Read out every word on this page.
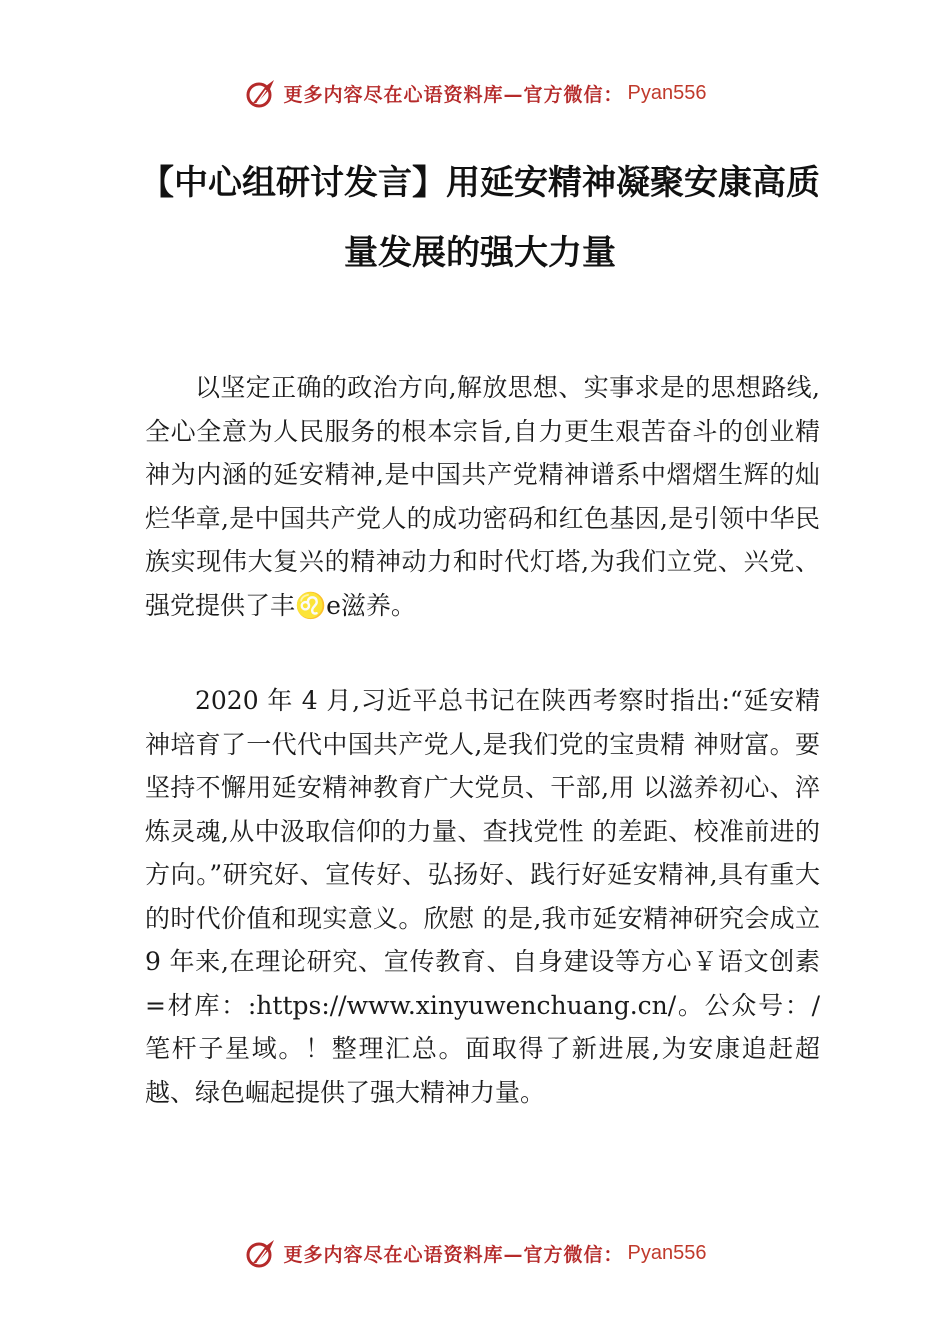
更多内容尽在心语资料库—官方微信： Pyan556
【中心组研讨发言】用延安精神凝聚安康高质量发展的强大力量

以坚定正确的政治方向,解放思想、实事求是的思想路线,全心全意为人民服务的根本宗旨,自力更生艰苦奋斗的创业精神为内涵的延安精神,是中国共产党精神谱系中熠熠生辉的灿烂华章,是中国共产党人的成功密码和红色基因,是引领中华民族实现伟大复兴的精神动力和时代灯塔,为我们立党、兴党、强党提供了丰♌e滋养。

2020 年 4 月,习近平总书记在陕西考察时指出:“延安精神培育了一代代中国共产党人,是我们党的宝贵精 神财富。要坚持不懈用延安精神教育广大党员、干部,用 以滋养初心、淬炼灵魂,从中汲取信仰的力量、查找党性 的差距、校准前进的方向。”研究好、宣传好、弘扬好、践行好延安精神,具有重大的时代价值和现实意义。欣慰 的是,我市延安精神研究会成立 9 年来,在理论研究、宣传教育、自身建设等方心￥语文创素=材库：:https://www.xinyuwenchuang.cn/。公众号：/笔杆子星域。！整理汇总。面取得了新进展,为安康追赶超越、绿色崛起提供了强大精神力量。

更多内容尽在心语资料库—官方微信： Pyan556
